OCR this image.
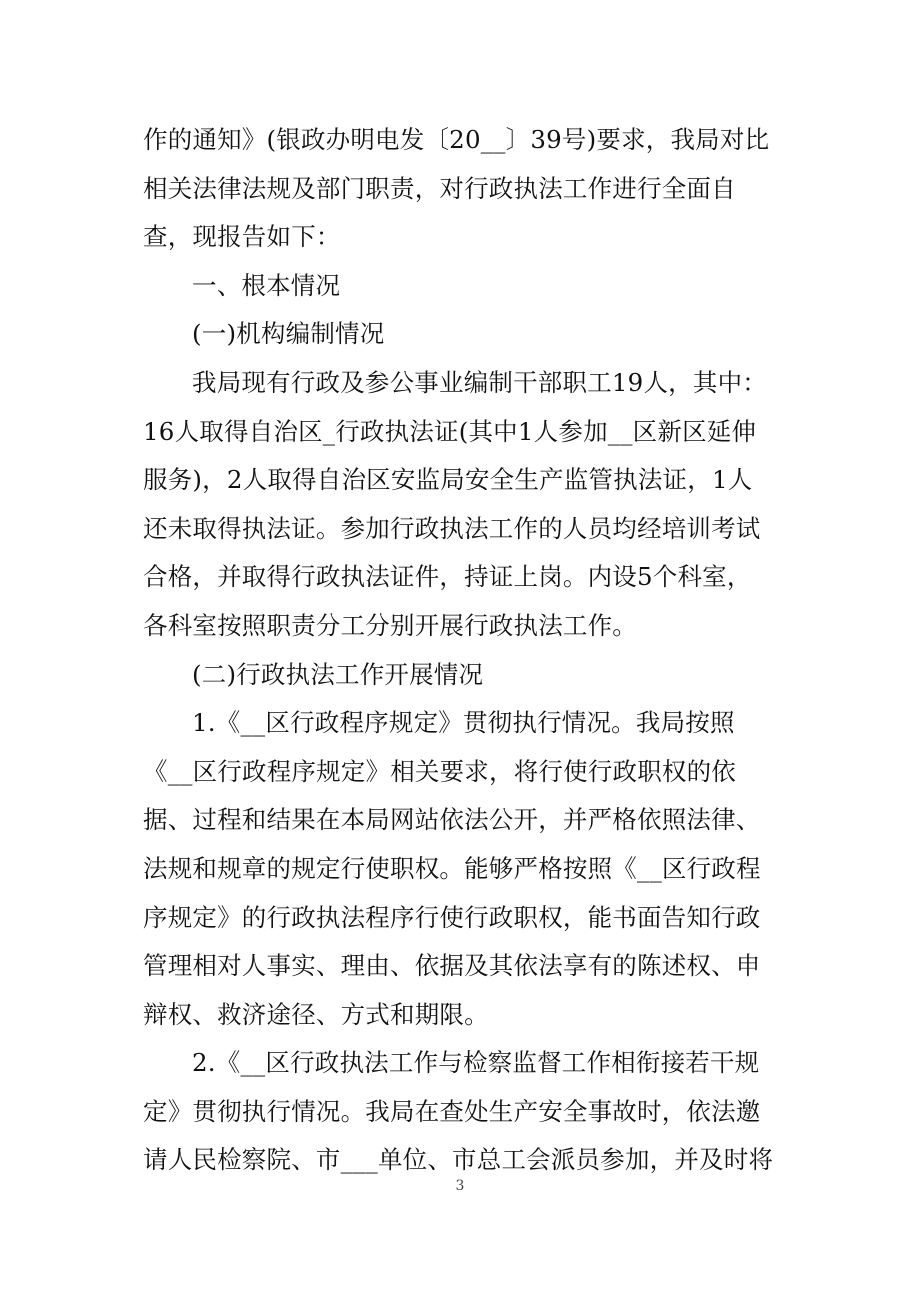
作的通知》(银政办明电发〔20__〕39号)要求，我局对比
相关法律法规及部门职责，对行政执法工作进行全面自
查，现报告如下：
一、根本情况
(一)机构编制情况
我局现有行政及参公事业编制干部职工19人，其中：
16人取得自治区_行政执法证(其中1人参加__区新区延伸
服务)，2人取得自治区安监局安全生产监管执法证，1人
还未取得执法证。参加行政执法工作的人员均经培训考试
合格，并取得行政执法证件，持证上岗。内设5个科室，
各科室按照职责分工分别开展行政执法工作。
(二)行政执法工作开展情况
1.《__区行政程序规定》贯彻执行情况。我局按照
《__区行政程序规定》相关要求，将行使行政职权的依
据、过程和结果在本局网站依法公开，并严格依照法律、
法规和规章的规定行使职权。能够严格按照《__区行政程
序规定》的行政执法程序行使行政职权，能书面告知行政
管理相对人事实、理由、依据及其依法享有的陈述权、申
辩权、救济途径、方式和期限。
2.《__区行政执法工作与检察监督工作相衔接若干规
定》贯彻执行情况。我局在查处生产安全事故时，依法邀
请人民检察院、市___单位、市总工会派员参加，并及时将
3
